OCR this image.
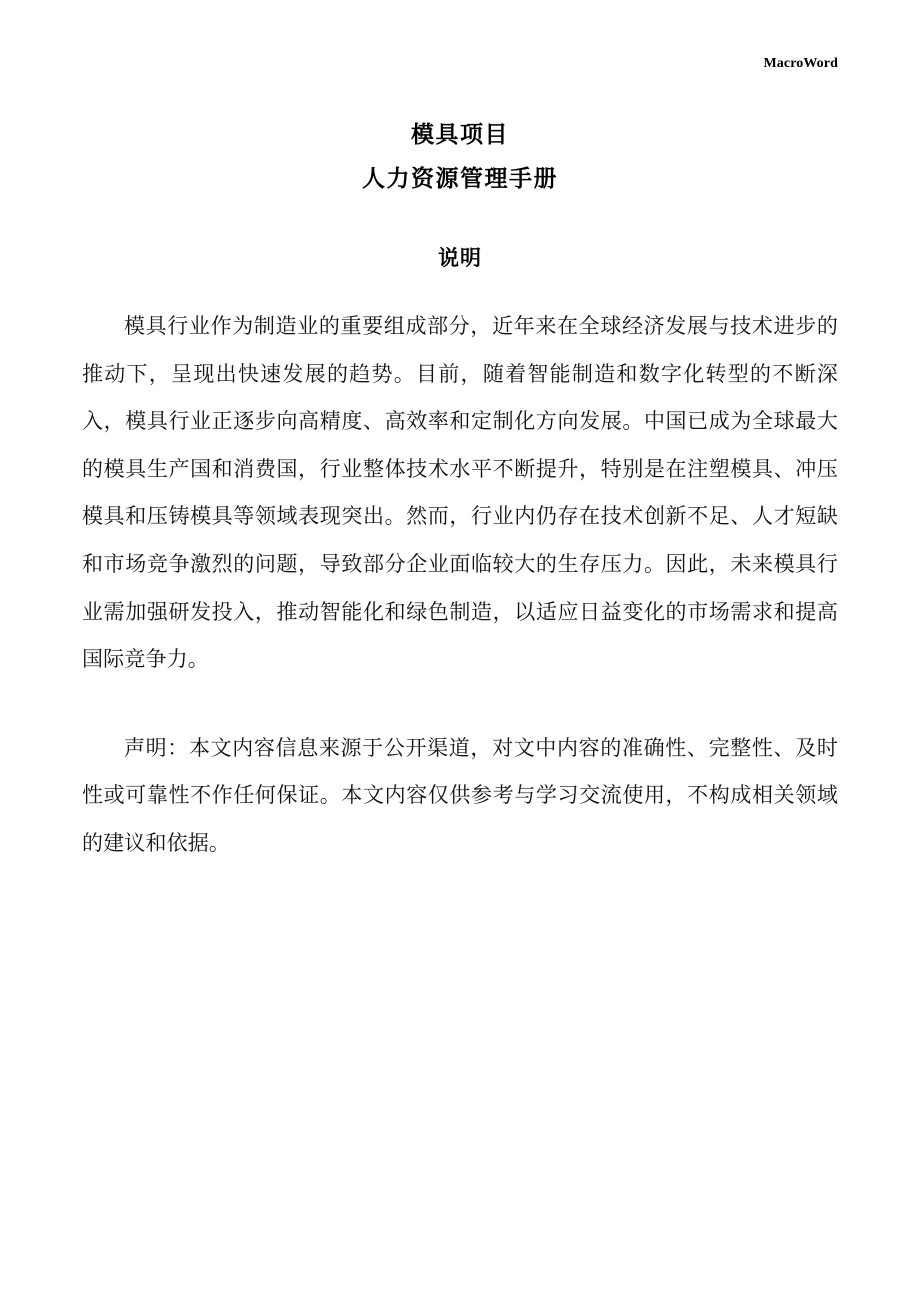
MacroWord
模具项目
人力资源管理手册
说明

模具行业作为制造业的重要组成部分，近年来在全球经济发展与技术进步的推动下，呈现出快速发展的趋势。目前，随着智能制造和数字化转型的不断深入，模具行业正逐步向高精度、高效率和定制化方向发展。中国已成为全球最大的模具生产国和消费国，行业整体技术水平不断提升，特别是在注塑模具、冲压模具和压铸模具等领域表现突出。然而，行业内仍存在技术创新不足、人才短缺和市场竞争激烈的问题，导致部分企业面临较大的生存压力。因此，未来模具行业需加强研发投入，推动智能化和绿色制造，以适应日益变化的市场需求和提高国际竞争力。

声明：本文内容信息来源于公开渠道，对文中内容的准确性、完整性、及时性或可靠性不作任何保证。本文内容仅供参考与学习交流使用，不构成相关领域的建议和依据。
